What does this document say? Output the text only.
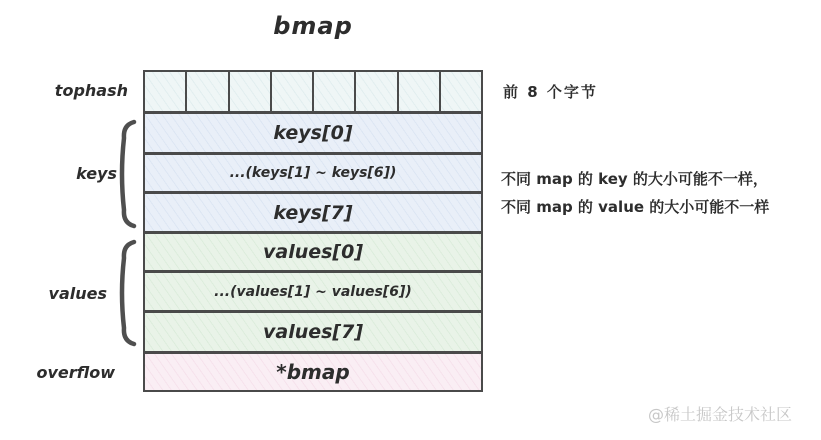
bmap
tophash
keys
values
overflow
keys[0]
...(keys[1] ~ keys[6])
keys[7]
values[0]
...(values[1] ~ values[6])
values[7]
*bmap
前 8 个字节
不同 map 的 key 的大小可能不一样，
不同 map 的 value 的大小可能不一样
@稀土掘金技术社区
